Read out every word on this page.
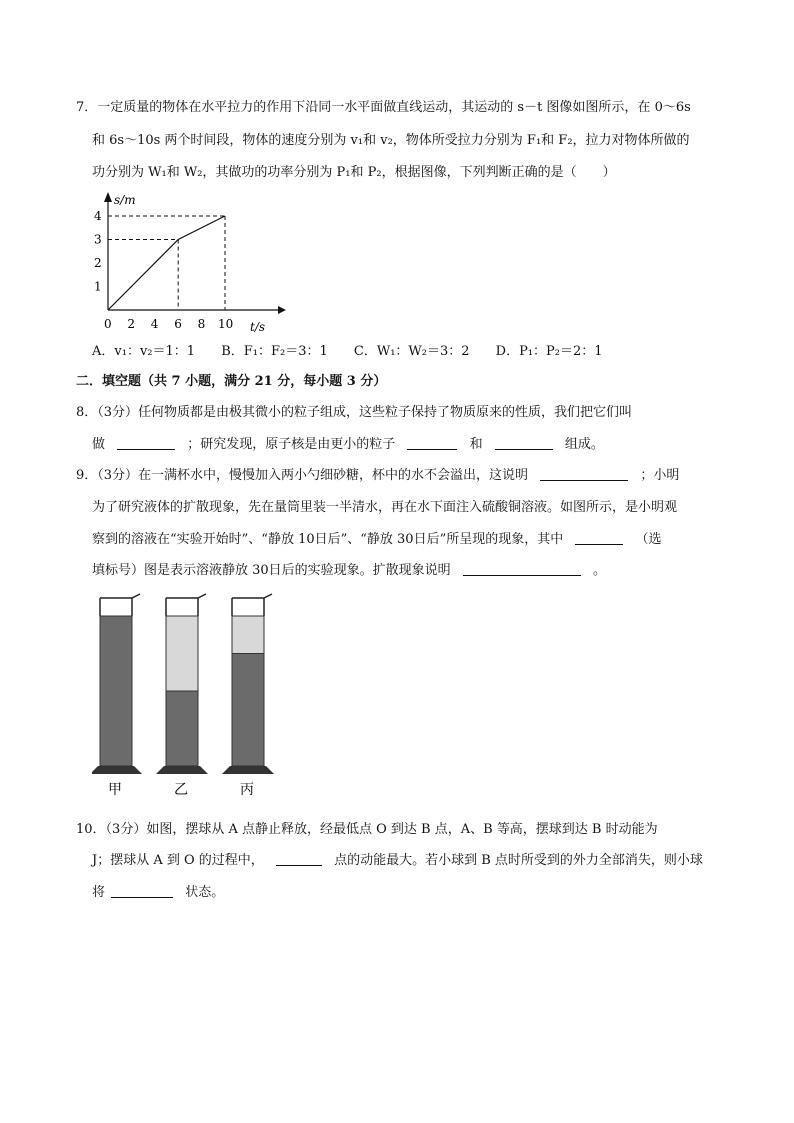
7．一定质量的物体在水平拉力的作用下沿同一水平面做直线运动，其运动的 s－t 图像如图所示，在 0～6s
和 6s～10s 两个时间段，物体的速度分别为 v₁和 v₂，物体所受拉力分别为 F₁和 F₂，拉力对物体所做的
功分别为 W₁和 W₂，其做功的功率分别为 P₁和 P₂，根据图像，下列判断正确的是（　　）
s/m
t/s
0 2 4 6 8 10
1
2
3
4
A．v₁：v₂＝1：1 B．F₁：F₂＝3：1 C．W₁：W₂＝3：2 D．P₁：P₂＝2：1
二．填空题（共 7 小题，满分 21 分，每小题 3 分）
8．（3分）任何物质都是由极其微小的粒子组成，这些粒子保持了物质原来的性质，我们把它们叫
做	；研究发现，原子核是由更小的粒子	和	组成。
9．（3分）在一满杯水中，慢慢加入两小勺细砂糖，杯中的水不会溢出，这说明	；小明
为了研究液体的扩散现象，先在量筒里装一半清水，再在水下面注入硫酸铜溶液。如图所示，是小明观
察到的溶液在“实验开始时”、“静放 10日后”、“静放 30日后”所呈现的现象，其中	（选
填标号）图是表示溶液静放 30日后的实验现象。扩散现象说明	。
甲	乙	丙
10．（3分）如图，摆球从 A 点静止释放，经最低点 O 到达 B 点，A、B 等高，摆球到达 B 时动能为
J；摆球从 A 到 O 的过程中，	点的动能最大。若小球到 B 点时所受到的外力全部消失，则小球
将	状态。
